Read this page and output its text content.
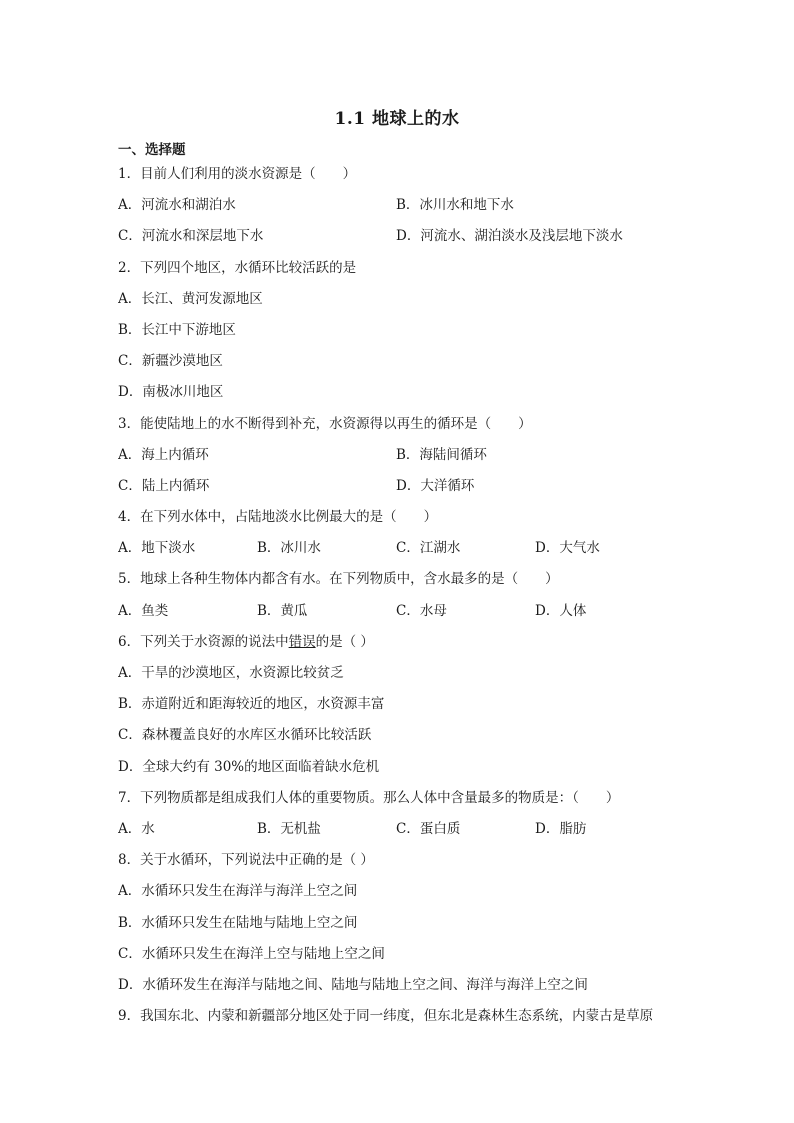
1.1 地球上的水
一、选择题
1．目前人们利用的淡水资源是（　　）
A．河流水和湖泊水	B．冰川水和地下水
C．河流水和深层地下水	D．河流水、湖泊淡水及浅层地下淡水
2．下列四个地区，水循环比较活跃的是
A．长江、黄河发源地区
B．长江中下游地区
C．新疆沙漠地区
D．南极冰川地区
3．能使陆地上的水不断得到补充，水资源得以再生的循环是（　　）
A．海上内循环	B．海陆间循环
C．陆上内循环	D．大洋循环
4．在下列水体中，占陆地淡水比例最大的是（　　）
A．地下淡水	B．冰川水	C．江湖水	D．大气水
5．地球上各种生物体内都含有水。在下列物质中，含水最多的是（　　）
A．鱼类	B．黄瓜	C．水母	D．人体
6．下列关于水资源的说法中错误的是（ ）
A．干旱的沙漠地区，水资源比较贫乏
B．赤道附近和距海较近的地区，水资源丰富
C．森林覆盖良好的水库区水循环比较活跃
D．全球大约有 30%的地区面临着缺水危机
7．下列物质都是组成我们人体的重要物质。那么人体中含量最多的物质是：（　　）
A．水	B．无机盐	C．蛋白质	D．脂肪
8．关于水循环，下列说法中正确的是（ ）
A．水循环只发生在海洋与海洋上空之间
B．水循环只发生在陆地与陆地上空之间
C．水循环只发生在海洋上空与陆地上空之间
D．水循环发生在海洋与陆地之间、陆地与陆地上空之间、海洋与海洋上空之间
9．我国东北、内蒙和新疆部分地区处于同一纬度，但东北是森林生态系统，内蒙古是草原
